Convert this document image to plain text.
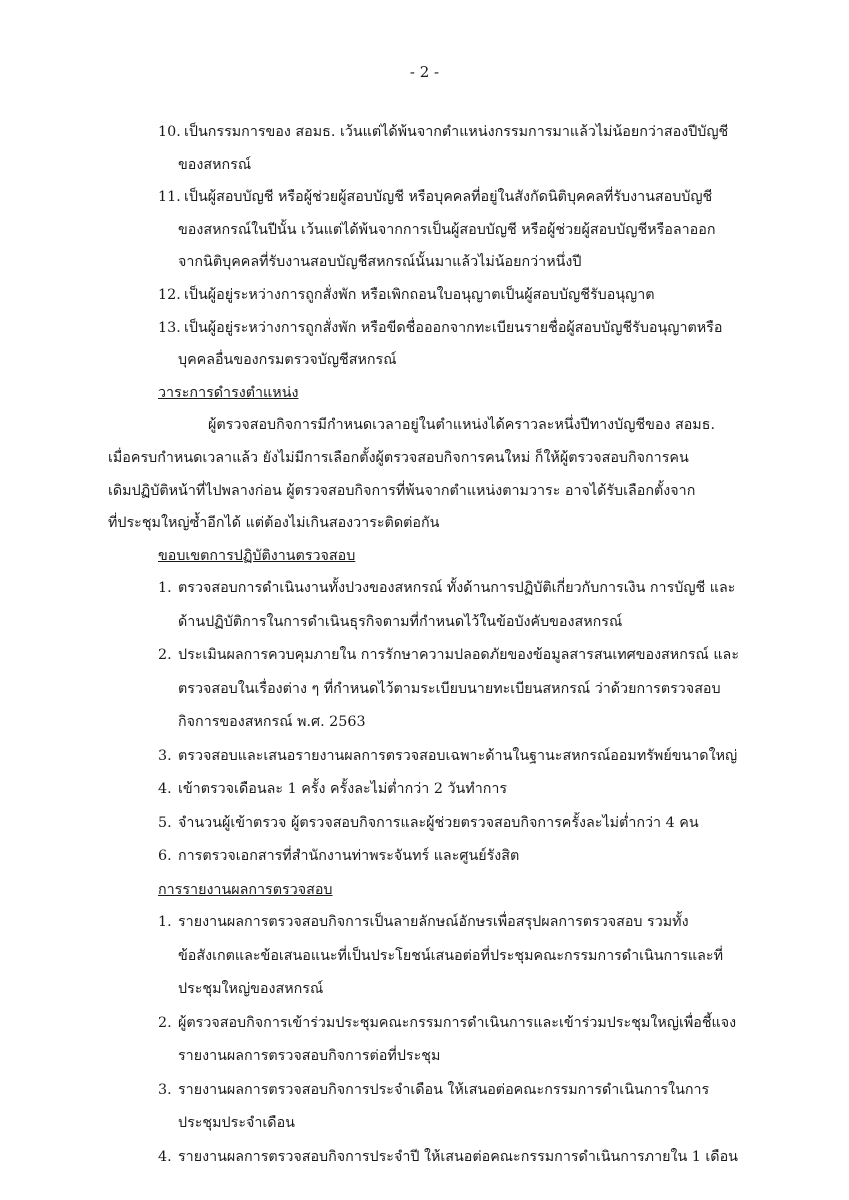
- 2 -
10. เป็นกรรมการของ สอมธ. เว้นแต่ได้พ้นจากตำแหน่งกรรมการมาแล้วไม่น้อยกว่าสองปีบัญชี
ของสหกรณ์
11. เป็นผู้สอบบัญชี หรือผู้ช่วยผู้สอบบัญชี หรือบุคคลที่อยู่ในสังกัดนิติบุคคลที่รับงานสอบบัญชี
ของสหกรณ์ในปีนั้น เว้นแต่ได้พ้นจากการเป็นผู้สอบบัญชี หรือผู้ช่วยผู้สอบบัญชีหรือลาออก
จากนิติบุคคลที่รับงานสอบบัญชีสหกรณ์นั้นมาแล้วไม่น้อยกว่าหนึ่งปี
12. เป็นผู้อยู่ระหว่างการถูกสั่งพัก หรือเพิกถอนใบอนุญาตเป็นผู้สอบบัญชีรับอนุญาต
13. เป็นผู้อยู่ระหว่างการถูกสั่งพัก หรือขีดชื่อออกจากทะเบียนรายชื่อผู้สอบบัญชีรับอนุญาตหรือ
บุคคลอื่นของกรมตรวจบัญชีสหกรณ์

วาระการดำรงตำแหน่ง

ผู้ตรวจสอบกิจการมีกำหนดเวลาอยู่ในตำแหน่งได้คราวละหนึ่งปีทางบัญชีของ สอมธ.
เมื่อครบกำหนดเวลาแล้ว ยังไม่มีการเลือกตั้งผู้ตรวจสอบกิจการคนใหม่ ก็ให้ผู้ตรวจสอบกิจการคน
เดิมปฏิบัติหน้าที่ไปพลางก่อน ผู้ตรวจสอบกิจการที่พ้นจากตำแหน่งตามวาระ อาจได้รับเลือกตั้งจาก
ที่ประชุมใหญ่ซ้ำอีกได้ แต่ต้องไม่เกินสองวาระติดต่อกัน

ขอบเขตการปฏิบัติงานตรวจสอบ

1. ตรวจสอบการดำเนินงานทั้งปวงของสหกรณ์ ทั้งด้านการปฏิบัติเกี่ยวกับการเงิน การบัญชี และ
ด้านปฏิบัติการในการดำเนินธุรกิจตามที่กำหนดไว้ในข้อบังคับของสหกรณ์
2. ประเมินผลการควบคุมภายใน การรักษาความปลอดภัยของข้อมูลสารสนเทศของสหกรณ์ และ
ตรวจสอบในเรื่องต่าง ๆ ที่กำหนดไว้ตามระเบียบนายทะเบียนสหกรณ์ ว่าด้วยการตรวจสอบ
กิจการของสหกรณ์ พ.ศ. 2563
3. ตรวจสอบและเสนอรายงานผลการตรวจสอบเฉพาะด้านในฐานะสหกรณ์ออมทรัพย์ขนาดใหญ่
4. เข้าตรวจเดือนละ 1 ครั้ง ครั้งละไม่ต่ำกว่า 2 วันทำการ
5. จำนวนผู้เข้าตรวจ ผู้ตรวจสอบกิจการและผู้ช่วยตรวจสอบกิจการครั้งละไม่ต่ำกว่า 4 คน
6. การตรวจเอกสารที่สำนักงานท่าพระจันทร์ และศูนย์รังสิต

การรายงานผลการตรวจสอบ

1. รายงานผลการตรวจสอบกิจการเป็นลายลักษณ์อักษรเพื่อสรุปผลการตรวจสอบ รวมทั้ง
ข้อสังเกตและข้อเสนอแนะที่เป็นประโยชน์เสนอต่อที่ประชุมคณะกรรมการดำเนินการและที่
ประชุมใหญ่ของสหกรณ์
2. ผู้ตรวจสอบกิจการเข้าร่วมประชุมคณะกรรมการดำเนินการและเข้าร่วมประชุมใหญ่เพื่อชี้แจง
รายงานผลการตรวจสอบกิจการต่อที่ประชุม
3. รายงานผลการตรวจสอบกิจการประจำเดือน ให้เสนอต่อคณะกรรมการดำเนินการในการ
ประชุมประจำเดือน
4. รายงานผลการตรวจสอบกิจการประจำปี ให้เสนอต่อคณะกรรมการดำเนินการภายใน 1 เดือน
